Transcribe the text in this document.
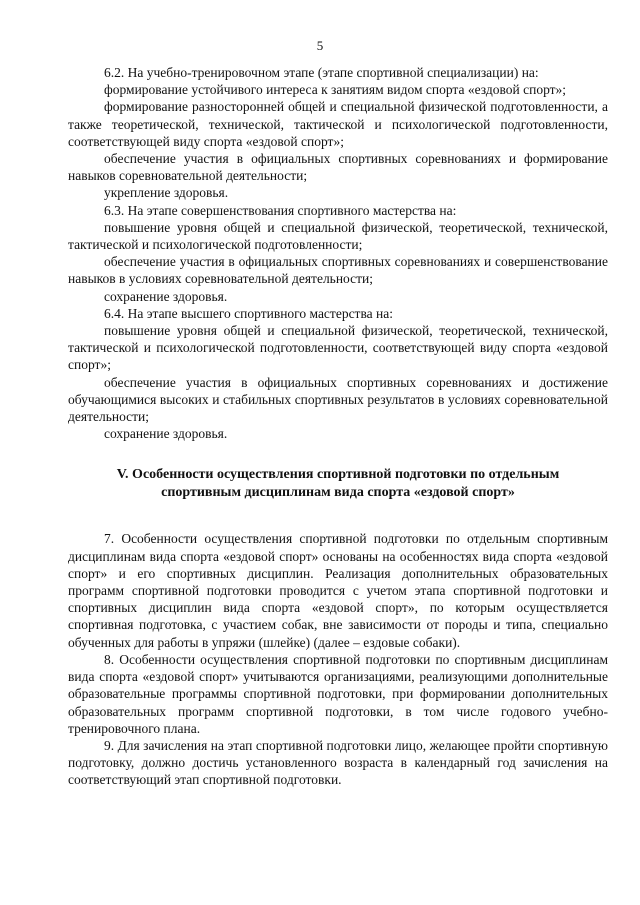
5

6.2. На учебно-тренировочном этапе (этапе спортивной специализации) на:

формирование устойчивого интереса к занятиям видом спорта «ездовой спорт»;

формирование разносторонней общей и специальной физической подготовленности, а также теоретической, технической, тактической и психологической подготовленности, соответствующей виду спорта «ездовой спорт»;

обеспечение участия в официальных спортивных соревнованиях и формирование навыков соревновательной деятельности;

укрепление здоровья.

6.3. На этапе совершенствования спортивного мастерства на:

повышение уровня общей и специальной физической, теоретической, технической, тактической и психологической подготовленности;

обеспечение участия в официальных спортивных соревнованиях и совершенствование навыков в условиях соревновательной деятельности;

сохранение здоровья.

6.4. На этапе высшего спортивного мастерства на:

повышение уровня общей и специальной физической, теоретической, технической, тактической и психологической подготовленности, соответствующей виду спорта «ездовой спорт»;

обеспечение участия в официальных спортивных соревнованиях и достижение обучающимися высоких и стабильных спортивных результатов в условиях соревновательной деятельности;

сохранение здоровья.

V. Особенности осуществления спортивной подготовки по отдельным
спортивным дисциплинам вида спорта «ездовой спорт»

7. Особенности осуществления спортивной подготовки по отдельным спортивным дисциплинам вида спорта «ездовой спорт» основаны на особенностях вида спорта «ездовой спорт» и его спортивных дисциплин. Реализация дополнительных образовательных программ спортивной подготовки проводится с учетом этапа спортивной подготовки и спортивных дисциплин вида спорта «ездовой спорт», по которым осуществляется спортивная подготовка, с участием собак, вне зависимости от породы и типа, специально обученных для работы в упряжи (шлейке) (далее – ездовые собаки).

8. Особенности осуществления спортивной подготовки по спортивным дисциплинам вида спорта «ездовой спорт» учитываются организациями, реализующими дополнительные образовательные программы спортивной подготовки, при формировании дополнительных образовательных программ спортивной подготовки, в том числе годового учебно-тренировочного плана.

9. Для зачисления на этап спортивной подготовки лицо, желающее пройти спортивную подготовку, должно достичь установленного возраста в календарный год зачисления на соответствующий этап спортивной подготовки.
